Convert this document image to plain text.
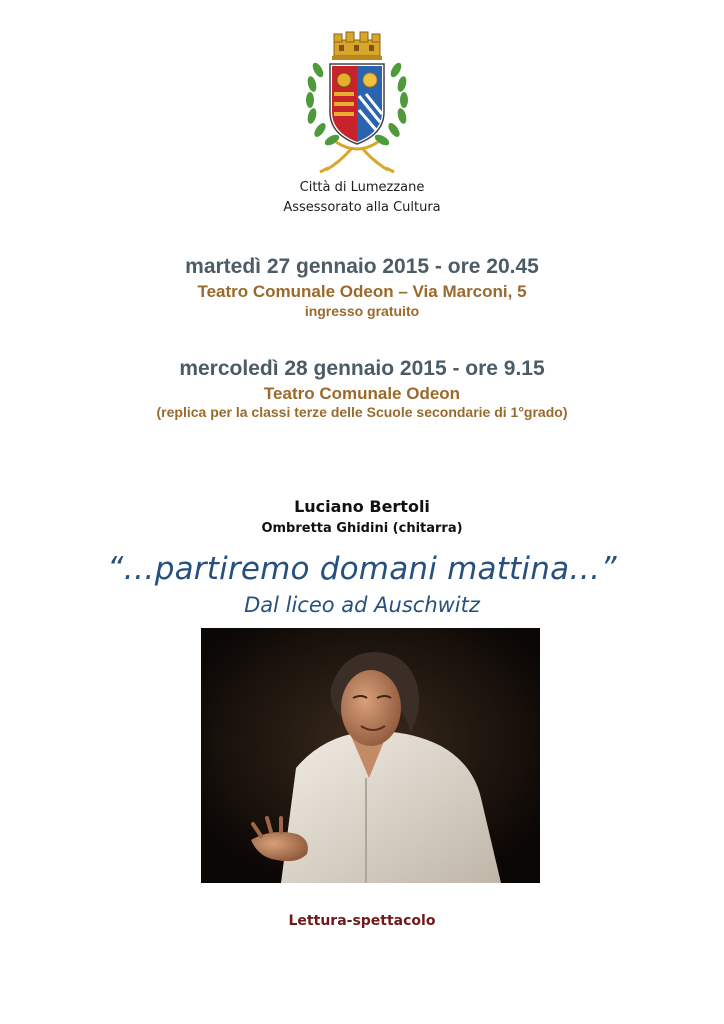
Città di Lumezzane
Assessorato alla Cultura
martedì 27 gennaio 2015 - ore 20.45
Teatro Comunale Odeon – Via Marconi, 5
ingresso gratuito
mercoledì 28 gennaio 2015 - ore 9.15
Teatro Comunale Odeon
(replica per la classi terze delle Scuole secondarie di 1°grado)
Luciano Bertoli
Ombretta Ghidini (chitarra)
“…partiremo domani mattina…”
Dal liceo ad Auschwitz
Lettura-spettacolo
